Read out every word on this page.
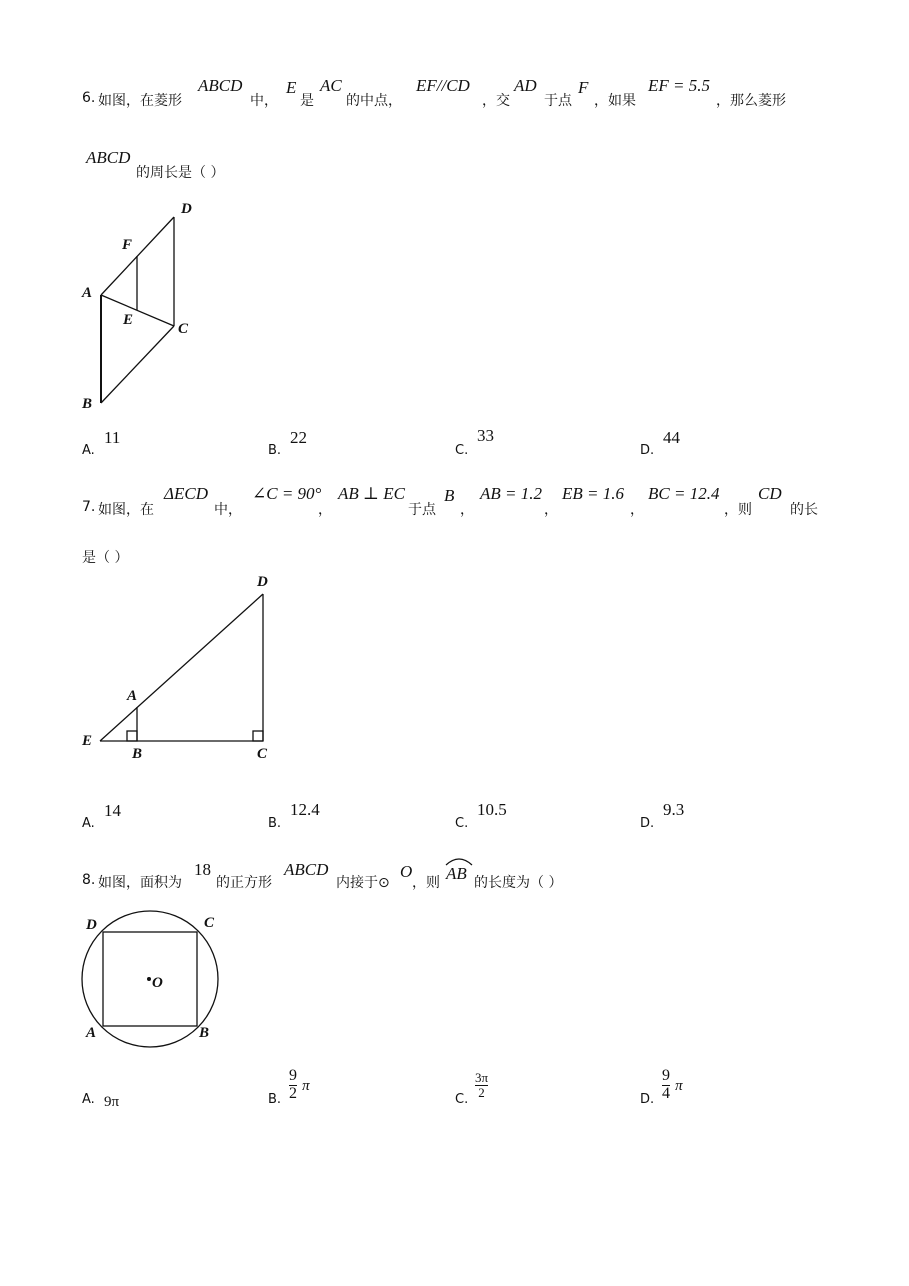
6. 如图，在菱形
ABCD
中，
E
是
AC
的中点，
EF//CD
，交
AD
于点
F
，如果
EF = 5.5
，那么菱形
ABCD
的周长是（ ）
D
F
A
E
C
B
A.
11
B.
22
C.
33
D.
44
7. 如图，在
ΔECD
中，
∠C = 90°
，
AB ⊥ EC
于点
B
，
AB = 1.2
，
EB = 1.6
，
BC = 12.4
，则
CD
的长
是（ ）
D
A
E
B	C
A.
14
B.
12.4
C.
10.5
D.
9.3
8. 如图，面积为
18
的正方形
ABCD
内接于⊙
O
，则 AB 的长度为（ ）
D	C
O
A	B
A. 9π	B. $\frac{9}{2}$ π
C.
$\frac{3\pi}{2}$
D. $\frac{9}{4}$ π
